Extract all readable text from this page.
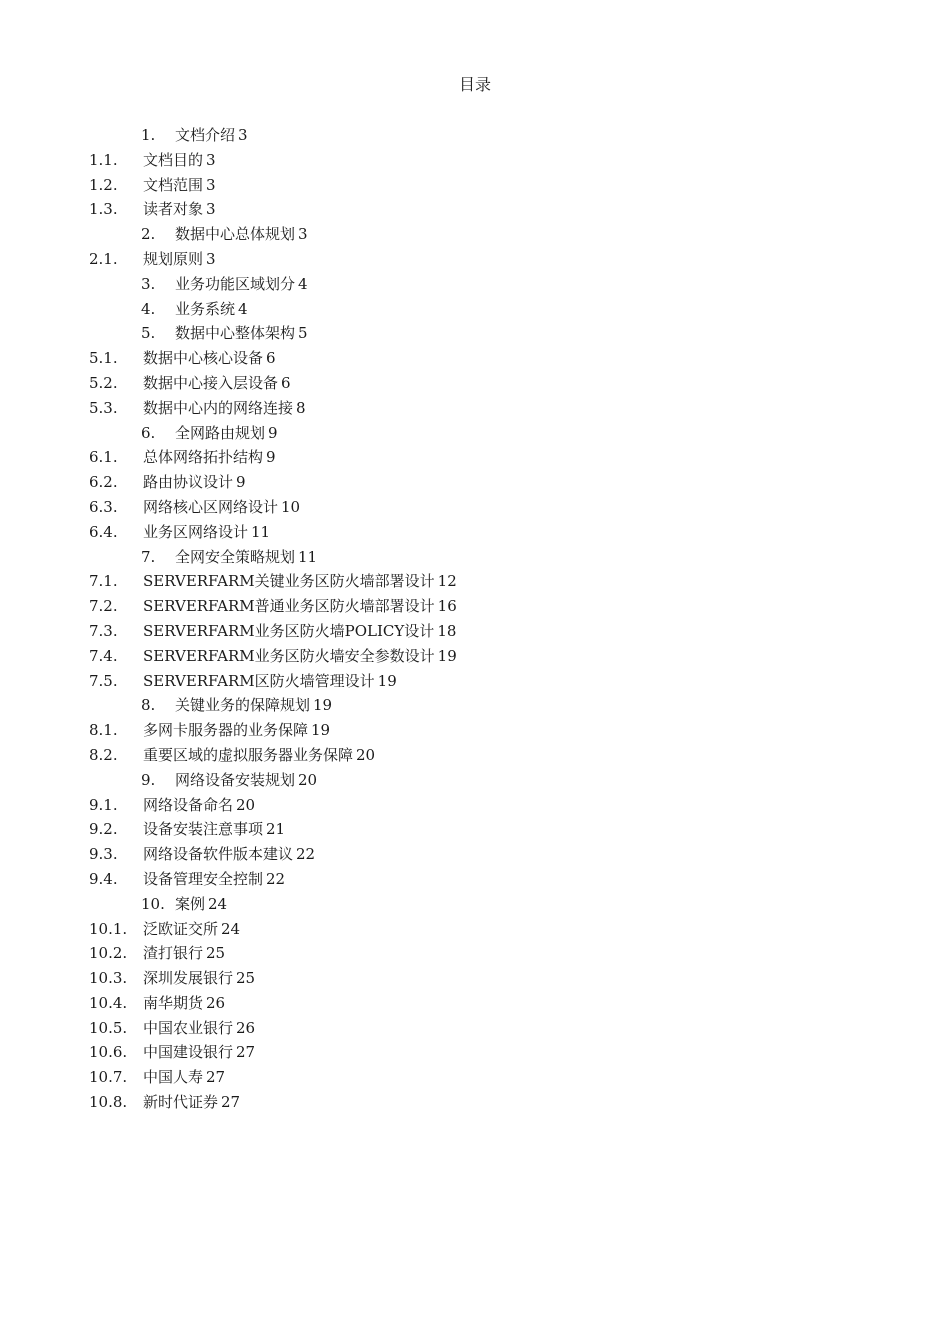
目录
1. 文档介绍 3
1.1. 文档目的 3
1.2. 文档范围 3
1.3. 读者对象 3
2. 数据中心总体规划 3
2.1. 规划原则 3
3. 业务功能区域划分 4
4. 业务系统 4
5. 数据中心整体架构 5
5.1. 数据中心核心设备 6
5.2. 数据中心接入层设备 6
5.3. 数据中心内的网络连接 8
6. 全网路由规划 9
6.1. 总体网络拓扑结构 9
6.2. 路由协议设计 9
6.3. 网络核心区网络设计 10
6.4. 业务区网络设计 11
7. 全网安全策略规划 11
7.1. SERVERFARM关键业务区防火墙部署设计 12
7.2. SERVERFARM普通业务区防火墙部署设计 16
7.3. SERVERFARM业务区防火墙POLICY设计 18
7.4. SERVERFARM业务区防火墙安全参数设计 19
7.5. SERVERFARM区防火墙管理设计 19
8. 关键业务的保障规划 19
8.1. 多网卡服务器的业务保障 19
8.2. 重要区域的虚拟服务器业务保障 20
9. 网络设备安装规划 20
9.1. 网络设备命名 20
9.2. 设备安装注意事项 21
9.3. 网络设备软件版本建议 22
9.4. 设备管理安全控制 22
10. 案例 24
10.1. 泛欧证交所 24
10.2. 渣打银行 25
10.3. 深圳发展银行 25
10.4. 南华期货 26
10.5. 中国农业银行 26
10.6. 中国建设银行 27
10.7. 中国人寿 27
10.8. 新时代证券 27
